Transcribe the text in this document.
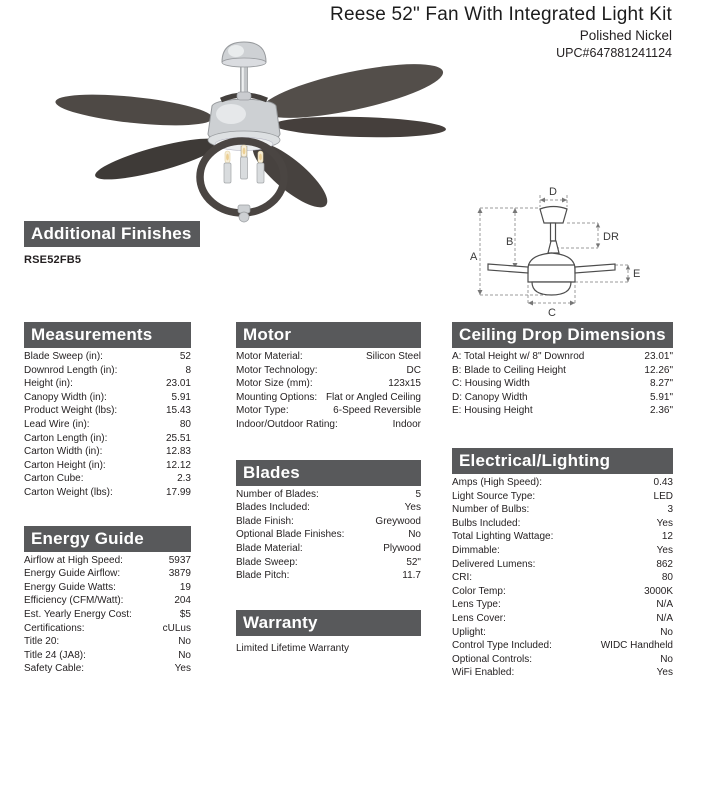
Reese 52" Fan With Integrated Light Kit
Polished Nickel
UPC#647881241124
Additional Finishes
RSE52FB5	A
B
C
D
E
DR
Measurements
Blade Sweep (in):	52
Downrod Length (in):	8
Height (in):	23.01
Canopy Width (in):	5.91
Product Weight (lbs):	15.43
Lead Wire (in):	80
Carton Length (in):	25.51
Carton Width (in):	12.83
Carton Height (in):	12.12
Carton Cube:	2.3
Carton Weight (lbs):	17.99
Energy Guide
Airflow at High Speed:	5937
Energy Guide Airflow:	3879
Energy Guide Watts:	19
Efficiency (CFM/Watt):	204
Est. Yearly Energy Cost:	$5
Certifications:	cULus
Title 20:	No
Title 24 (JA8):	No
Safety Cable:	Yes
Motor
Motor Material:	Silicon Steel
Motor Technology:	DC
Motor Size (mm):	123x15
Mounting Options: Flat or Angled Ceiling
Motor Type:	6-Speed Reversible
Indoor/Outdoor Rating:	Indoor
Blades
Number of Blades:	5
Blades Included:	Yes
Blade Finish:	Greywood
Optional Blade Finishes:	No
Blade Material:	Plywood
Blade Sweep:	52"
Blade Pitch:	11.7
Warranty
Limited Lifetime Warranty
Ceiling Drop Dimensions
A: Total Height w/ 8" Downrod	23.01"
B: Blade to Ceiling Height	12.26"
C: Housing Width	8.27"
D: Canopy Width	5.91"
E: Housing Height	2.36"
Electrical/Lighting
Amps (High Speed):	0.43
Light Source Type:	LED
Number of Bulbs:	3
Bulbs Included:	Yes
Total Lighting Wattage:	12
Dimmable:	Yes
Delivered Lumens:	862
CRI:	80
Color Temp:	3000K
Lens Type:	N/A
Lens Cover:	N/A
Uplight:	No
Control Type Included:	WIDC Handheld
Optional Controls:	No
WiFi Enabled:	Yes
